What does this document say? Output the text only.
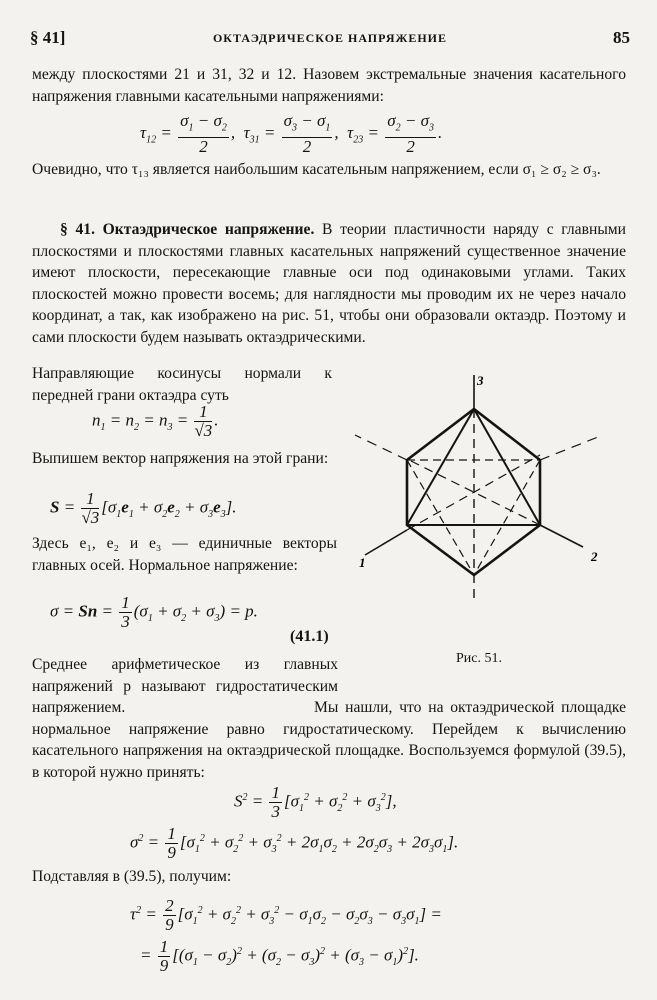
§ 41]	ОКТАЭДРИЧЕСКОЕ НАПРЯЖЕНИЕ	85
между плоскостями 21 и 31, 32 и 12. Назовем экстремальные значения касательного напряжения главными касательными напряжениями:
$\tau_{12} = \frac{\sigma_1 - \sigma_2}{2}$ ,  $\tau_{31} = \frac{\sigma_3 - \sigma_1}{2}$ ,  $\tau_{23} = \frac{\sigma_2 - \sigma_3}{2}$ .
Очевидно, что τ₁₃ является наибольшим касательным напряжением, если σ₁ ≥ σ₂ ≥ σ₃.
§ 41. Октаэдрическое напряжение. В теории пластичности наряду с главными плоскостями и плоскостями главных касательных напряжений существенное значение имеют плоскости, пересекающие главные оси под одинаковыми углами. Таких плоскостей можно провести восемь; для наглядности мы проводим их не через начало координат, а так, как изображено на рис. 51, чтобы они образовали октаэдр. Поэтому и сами плоскости будем называть октаэдрическими.
Направляющие косинусы нормали к передней грани октаэдра суть
$n_1 = n_2 = n_3 = \frac{1}{√3}$ .
Выпишем вектор напряжения на этой грани:
$S = \frac{1}{√3} [\sigma_1e_1 + \sigma_2e_2 + \sigma_3e_3]$.
Здесь e₁, e₂ и e₃ — единичные векторы главных осей. Нормальное напряжение:
$\sigma = Sn = \frac{1}{3} (\sigma_1 + \sigma_2 + \sigma_3) = p$.
(41.1)
Среднее арифметическое из главных напряжений p называют гидростатическим напряжением.	Мы нашли, что на октаэдрической площадке нормальное напряжение равно гидростатическому. Перейдем к вычислению касательного напряжения на октаэдрической площадке. Воспользуемся формулой (39.5), в которой нужно принять:
$S^2 = \frac{1}{3} [\sigma_1^2 + \sigma_2^2 + \sigma_3^2]$,
$\sigma^2 = \frac{1}{9} [\sigma_1^2 + \sigma_2^2 + \sigma_3^2 + 2\sigma_1\sigma_2 + 2\sigma_2\sigma_3 + 2\sigma_3\sigma_1]$.
Подставляя в (39.5), получим:
$\tau^2 = \frac{2}{9} [\sigma_1^2 + \sigma_2^2 + \sigma_3^2 - \sigma_1\sigma_2 - \sigma_2\sigma_3 - \sigma_3\sigma_1]$ =
= $\frac{1}{9} [(\sigma_1 - \sigma_2)^2 + (\sigma_2 - \sigma_3)^2 + (\sigma_3 - \sigma_1)^2]$.
3
1	2
Рис. 51.
